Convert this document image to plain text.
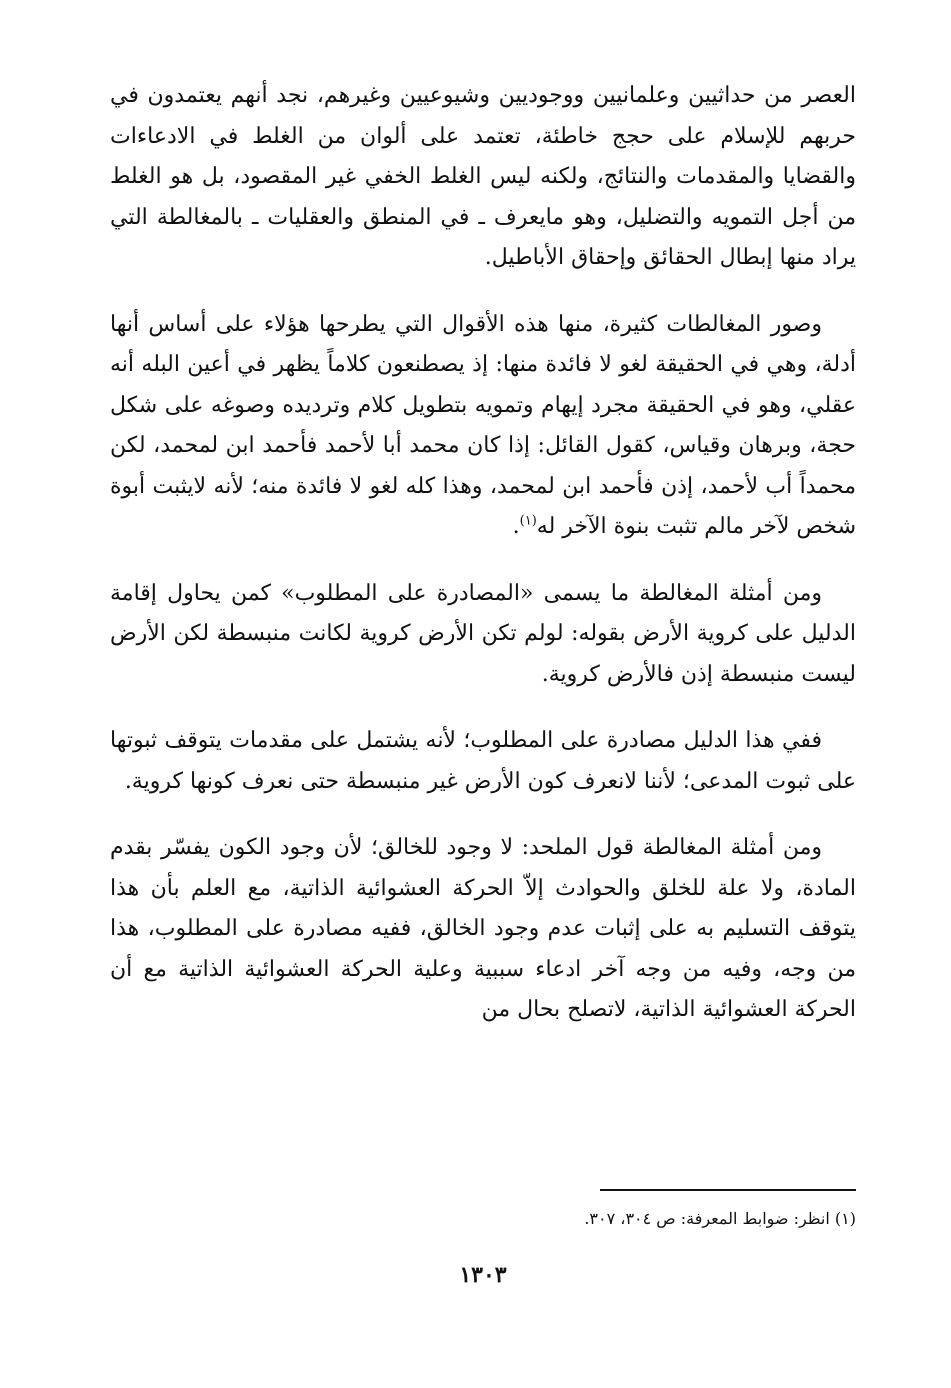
العصر من حداثيين وعلمانيين ووجوديين وشيوعيين وغيرهم، نجد أنهم يعتمدون في حربهم للإسلام على حجج خاطئة، تعتمد على ألوان من الغلط في الادعاءات والقضايا والمقدمات والنتائج، ولكنه ليس الغلط الخفي غير المقصود، بل هو الغلط من أجل التمويه والتضليل، وهو مايعرف ـ في المنطق والعقليات ـ بالمغالطة التي يراد منها إبطال الحقائق وإحقاق الأباطيل.

وصور المغالطات كثيرة، منها هذه الأقوال التي يطرحها هؤلاء على أساس أنها أدلة، وهي في الحقيقة لغو لا فائدة منها: إذ يصطنعون كلاماً يظهر في أعين البله أنه عقلي، وهو في الحقيقة مجرد إيهام وتمويه بتطويل كلام وترديده وصوغه على شكل حجة، وبرهان وقياس، كقول القائل: إذا كان محمد أبا لأحمد فأحمد ابن لمحمد، لكن محمداً أب لأحمد، إذن فأحمد ابن لمحمد، وهذا كله لغو لا فائدة منه؛ لأنه لايثبت أبوة شخص لآخر مالم تثبت بنوة الآخر له$^{(١)}$.

ومن أمثلة المغالطة ما يسمى «المصادرة على المطلوب» كمن يحاول إقامة الدليل على كروية الأرض بقوله: لولم تكن الأرض كروية لكانت منبسطة لكن الأرض ليست منبسطة إذن فالأرض كروية.

ففي هذا الدليل مصادرة على المطلوب؛ لأنه يشتمل على مقدمات يتوقف ثبوتها على ثبوت المدعى؛ لأننا لانعرف كون الأرض غير منبسطة حتى نعرف كونها كروية.

ومن أمثلة المغالطة قول الملحد: لا وجود للخالق؛ لأن وجود الكون يفسّر بقدم المادة، ولا علة للخلق والحوادث إلاّ الحركة العشوائية الذاتية، مع العلم بأن هذا يتوقف التسليم به على إثبات عدم وجود الخالق، ففيه مصادرة على المطلوب، هذا من وجه، وفيه من وجه آخر ادعاء سببية وعلية الحركة العشوائية الذاتية مع أن الحركة العشوائية الذاتية، لاتصلح بحال من

(١) انظر: ضوابط المعرفة: ص ٣٠٤، ٣٠٧.

١٣٠٣
